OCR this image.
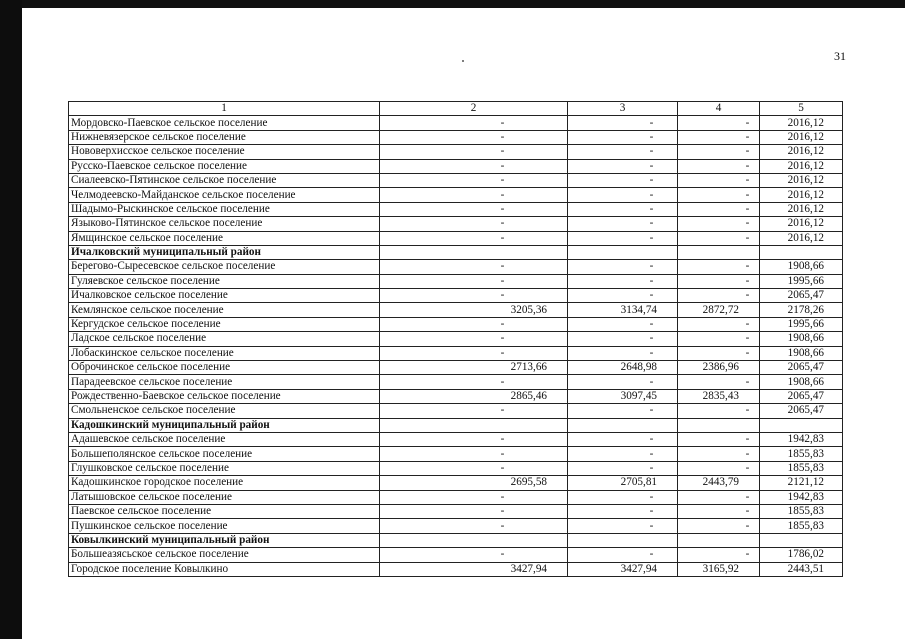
31
1	2	3	4	5
Мордовско-Паевское сельское поселение	-	-	-	2016,12
Нижневязерское сельское поселение	-	-	-	2016,12
Нововерхисское сельское поселение	-	-	-	2016,12
Русско-Паевское сельское поселение	-	-	-	2016,12
Сиалеевско-Пятинское сельское поселение	-	-	-	2016,12
Челмодеевско-Майданское сельское поселение	-	-	-	2016,12
Шадымо-Рыскинское сельское поселение	-	-	-	2016,12
Языково-Пятинское сельское поселение	-	-	-	2016,12
Ямщинское сельское поселение	-	-	-	2016,12
Ичалковский муниципальный район				
Берегово-Сыресевское сельское поселение	-	-	-	1908,66
Гуляевское сельское поселение	-	-	-	1995,66
Ичалковское сельское поселение	-	-	-	2065,47
Кемлянское сельское поселение	3205,36	3134,74	2872,72	2178,26
Кергудское сельское поселение	-	-	-	1995,66
Ладское сельское поселение	-	-	-	1908,66
Лобаскинское сельское поселение	-	-	-	1908,66
Оброчинское сельское поселение	2713,66	2648,98	2386,96	2065,47
Парадеевское сельское поселение	-	-	-	1908,66
Рождественно-Баевское сельское поселение	2865,46	3097,45	2835,43	2065,47
Смольненское сельское поселение	-	-	-	2065,47
Кадошкинский муниципальный район				
Адашевское сельское поселение	-	-	-	1942,83
Большеполянское сельское поселение	-	-	-	1855,83
Глушковское сельское поселение	-	-	-	1855,83
Кадошкинское городское поселение	2695,58	2705,81	2443,79	2121,12
Латышовское сельское поселение	-	-	-	1942,83
Паевское сельское поселение	-	-	-	1855,83
Пушкинское сельское поселение	-	-	-	1855,83
Ковылкинский муниципальный район				
Большеазясьское сельское поселение	-	-	-	1786,02
Городское поселение Ковылкино	3427,94	3427,94	3165,92	2443,51
